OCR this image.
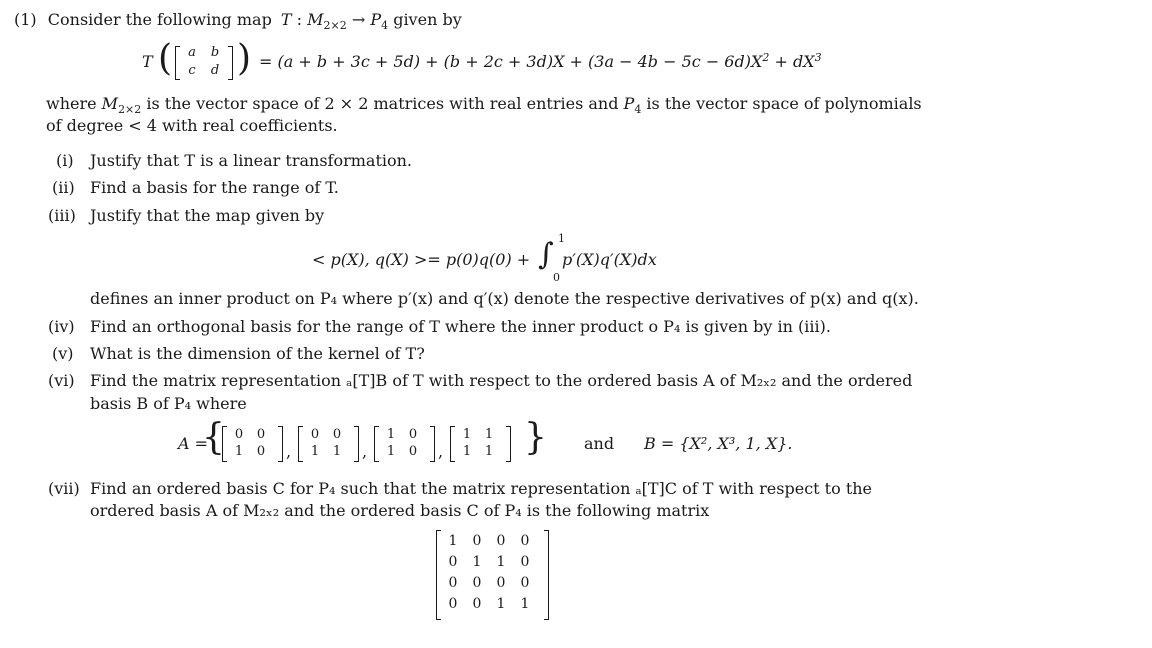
(1) Consider the following map T : $M_{2\times 2} \to P_4$ given by
T ( a b
c d ) = $(a + b + 3c + 5d) + (b + 2c + 3d)X + (3a - 4b - 5c - 6d)X^2 + dX^3$
where $M_{2\times 2}$ is the vector space of 2 × 2 matrices with real entries and $P_4$ is the vector space of polynomials
of degree < 4 with real coefficients.
(i) Justify that T is a linear transformation.
(ii) Find a basis for the range of T.
(iii) Justify that the map given by
< p(X), q(X) >= p(0)q(0) + ∫ 1
0
p′(X)q′(X)dx
defines an inner product on P₄ where p′(x) and q′(x) denote the respective derivatives of p(x) and q(x).
(iv) Find an orthogonal basis for the range of T where the inner product o P₄ is given by in (iii).
(v) What is the dimension of the kernel of T?
(vi) Find the matrix representation ₐ[T]B of T with respect to the ordered basis A of M₂ₓ₂ and the ordered
basis B of P₄ where
A =
{ 0 0
1 0 ,
0 0
1 1 ,
1 0
1 0 ,
1 1
1 1 } and B = {X², X³, 1, X}.
(vii) Find an ordered basis C for P₄ such that the matrix representation ₐ[T]C of T with respect to the
ordered basis A of M₂ₓ₂ and the ordered basis C of P₄ is the following matrix
1 0 0 0
0 1 1 0
0 0 0 0
0 0 1 1
